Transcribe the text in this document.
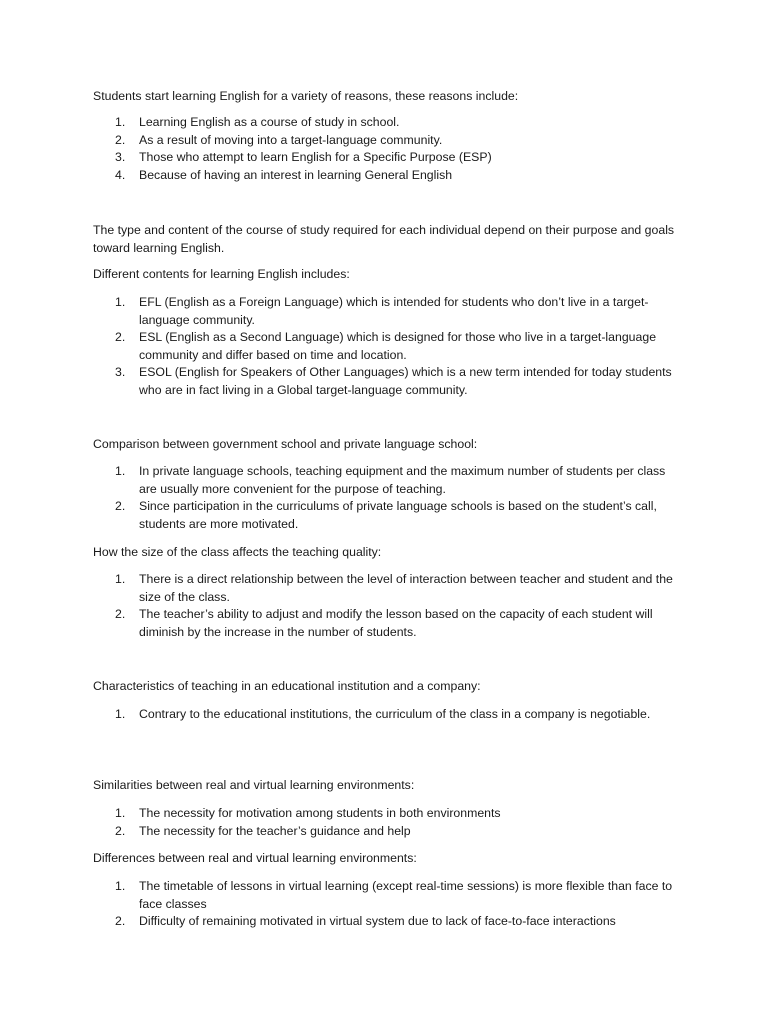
Students start learning English for a variety of reasons, these reasons include:

1. Learning English as a course of study in school.
2. As a result of moving into a target-language community.
3. Those who attempt to learn English for a Specific Purpose (ESP)
4. Because of having an interest in learning General English

The type and content of the course of study required for each individual depend on their purpose and goals toward learning English.

Different contents for learning English includes:

1. EFL (English as a Foreign Language) which is intended for students who don’t live in a target-language community.
2. ESL (English as a Second Language) which is designed for those who live in a target-language community and differ based on time and location.
3. ESOL (English for Speakers of Other Languages) which is a new term intended for today students who are in fact living in a Global target-language community.

Comparison between government school and private language school:

1. In private language schools, teaching equipment and the maximum number of students per class are usually more convenient for the purpose of teaching.
2. Since participation in the curriculums of private language schools is based on the student’s call, students are more motivated.

How the size of the class affects the teaching quality:

1. There is a direct relationship between the level of interaction between teacher and student and the size of the class.
2. The teacher’s ability to adjust and modify the lesson based on the capacity of each student will diminish by the increase in the number of students.

Characteristics of teaching in an educational institution and a company:

1. Contrary to the educational institutions, the curriculum of the class in a company is negotiable.

Similarities between real and virtual learning environments:

1. The necessity for motivation among students in both environments
2. The necessity for the teacher’s guidance and help

Differences between real and virtual learning environments:

1. The timetable of lessons in virtual learning (except real-time sessions) is more flexible than face to face classes
2. Difficulty of remaining motivated in virtual system due to lack of face-to-face interactions
